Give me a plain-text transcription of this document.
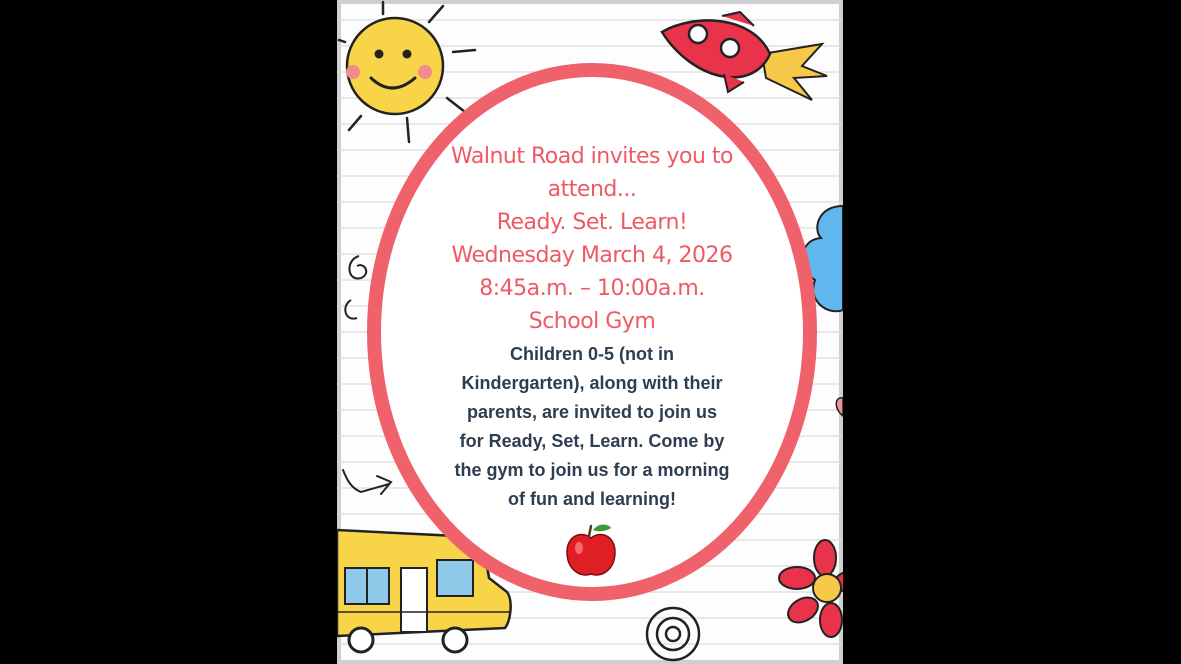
Walnut Road invites you to
attend...
Ready. Set. Learn!
Wednesday March 4, 2026
8:45a.m. – 10:00a.m.
School Gym
Children 0-5 (not in
Kindergarten), along with their
parents, are invited to join us
for Ready, Set, Learn. Come by
the gym to join us for a morning
of fun and learning!
